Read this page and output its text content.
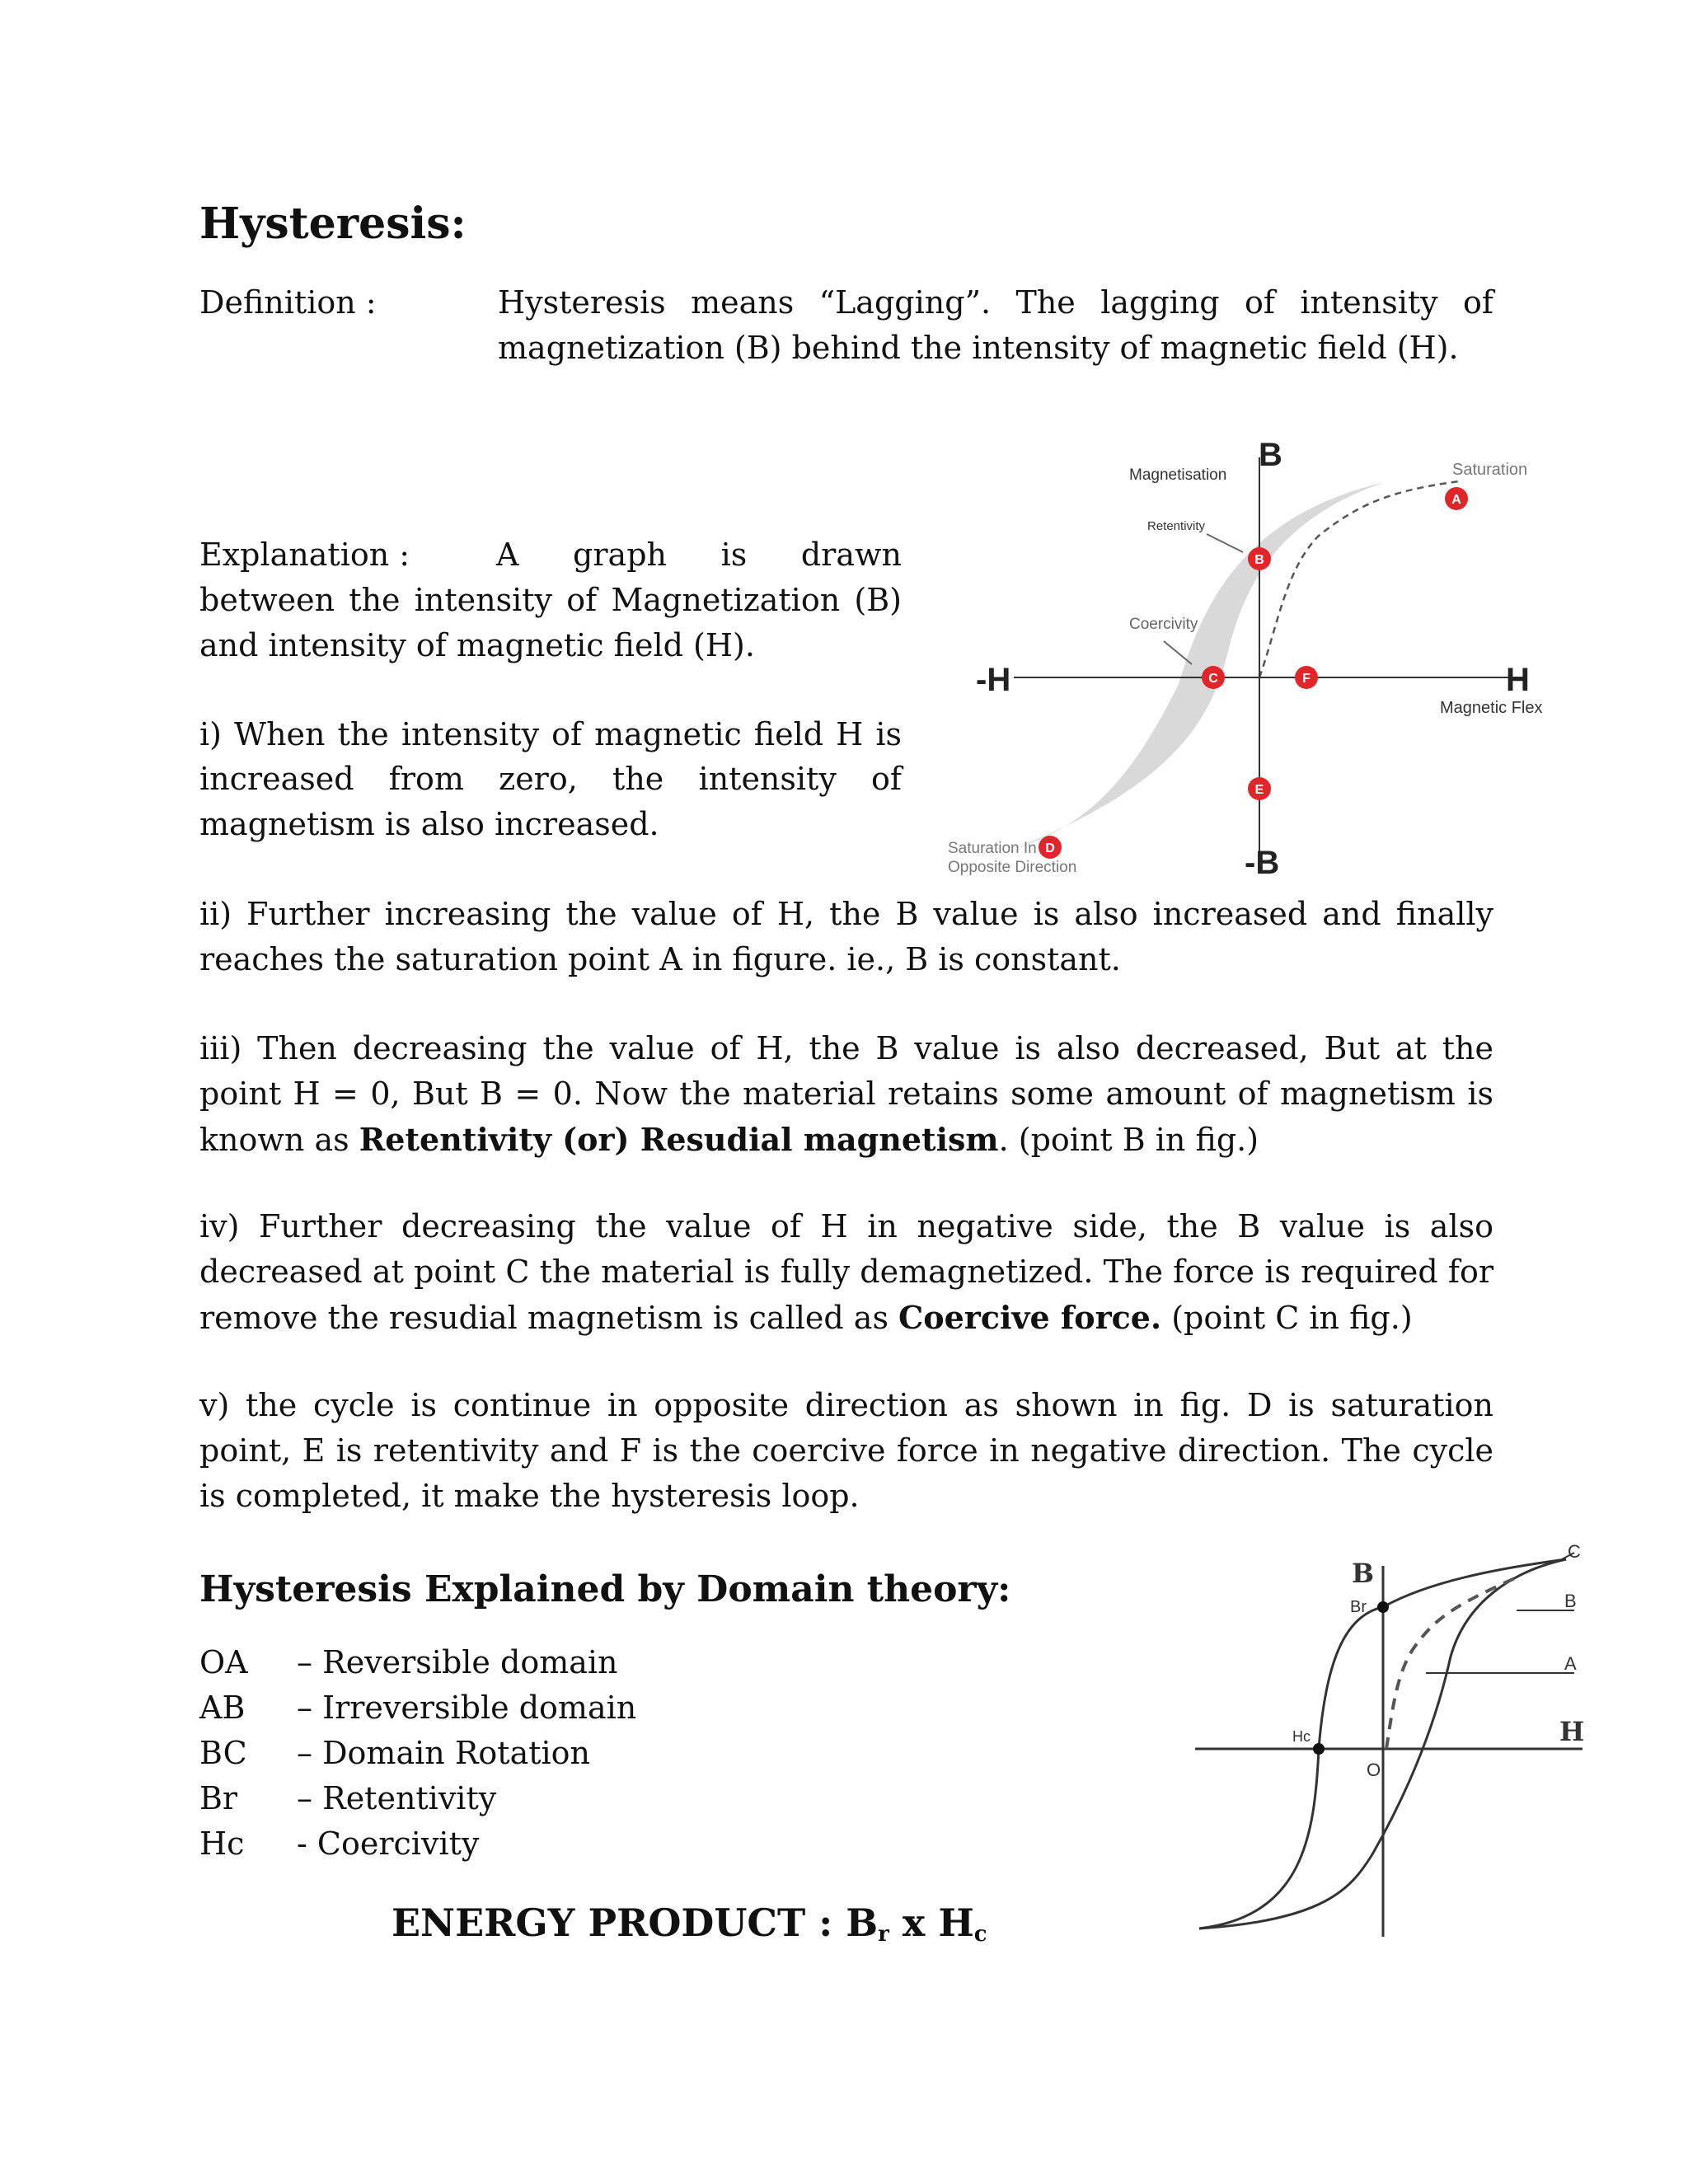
Hysteresis:
Definition :	Hysteresis means “Lagging”. The lagging of intensity of
magnetization (B) behind the intensity of magnetic field (H).
Explanation :	A graph is drawn
between the intensity of Magnetization (B)
and intensity of magnetic field (H).
i) When the intensity of magnetic field H is
increased from zero, the intensity of
magnetism is also increased.
B
-B
H
-H
Magnetisation
Retentivity
Coercivity
Saturation
Magnetic Flex
Saturation In
Opposite Direction
A
B
C	F
E
D
ii) Further increasing the value of H, the B value is also increased and finally reaches the saturation point A in figure. ie., B is constant.
iii) Then decreasing the value of H, the B value is also decreased, But at the point H = 0, But B = 0. Now the material retains some amount of magnetism is known as Retentivity (or) Resudial magnetism. (point B in fig.)
iv) Further decreasing the value of H in negative side, the B value is also decreased at point C the material is fully demagnetized. The force is required for remove the resudial magnetism is called as Coercive force. (point C in fig.)
v) the cycle is continue in opposite direction as shown in fig. D is saturation point, E is retentivity and F is the coercive force in negative direction. The cycle is completed, it make the hysteresis loop.
Hysteresis Explained by Domain theory:
OA	– Reversible domain
AB	– Irreversible domain
BC	– Domain Rotation
Br	– Retentivity
Hc	- Coercivity
ENERGY PRODUCT : $B_r$ x $H_c$
B
Br
Hc
O
H
C
B
A
